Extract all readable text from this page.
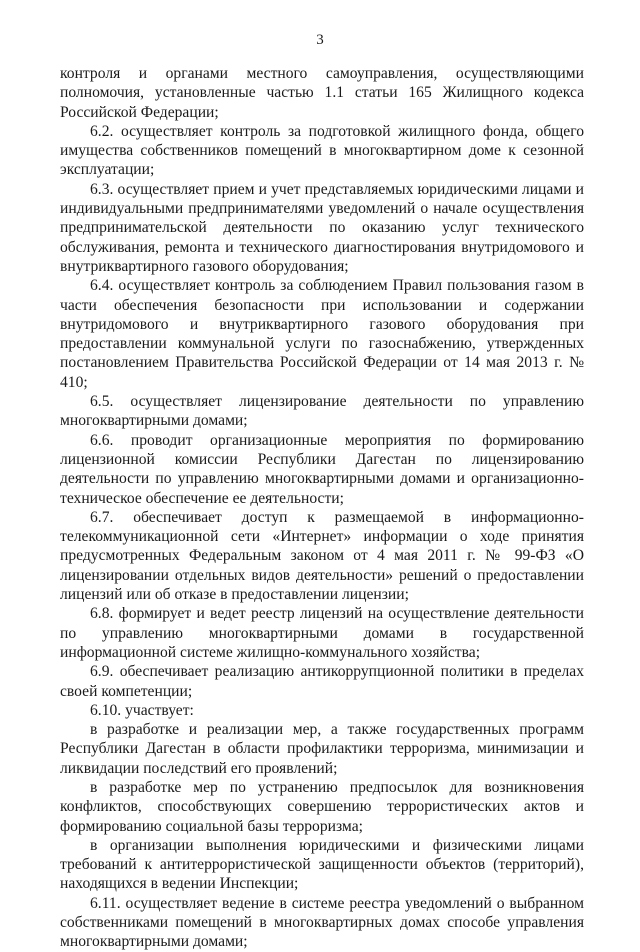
3

контроля и органами местного самоуправления, осуществляющими полномочия, установленные частью 1.1 статьи 165 Жилищного кодекса Российской Федерации;

6.2. осуществляет контроль за подготовкой жилищного фонда, общего имущества собственников помещений в многоквартирном доме к сезонной эксплуатации;

6.3. осуществляет прием и учет представляемых юридическими лицами и индивидуальными предпринимателями уведомлений о начале осуществления предпринимательской деятельности по оказанию услуг технического обслуживания, ремонта и технического диагностирования внутридомового и внутриквартирного газового оборудования;

6.4. осуществляет контроль за соблюдением Правил пользования газом в части обеспечения безопасности при использовании и содержании внутридомового и внутриквартирного газового оборудования при предоставлении коммунальной услуги по газоснабжению, утвержденных постановлением Правительства Российской Федерации от 14 мая 2013 г. № 410;

6.5. осуществляет лицензирование деятельности по управлению многоквартирными домами;

6.6. проводит организационные мероприятия по формированию лицензионной комиссии Республики Дагестан по лицензированию деятельности по управлению многоквартирными домами и организационно-техническое обеспечение ее деятельности;

6.7. обеспечивает доступ к размещаемой в информационно-телекоммуникационной сети «Интернет» информации о ходе принятия предусмотренных Федеральным законом от 4 мая 2011 г. № 99-ФЗ «О лицензировании отдельных видов деятельности» решений о предоставлении лицензий или об отказе в предоставлении лицензии;

6.8. формирует и ведет реестр лицензий на осуществление деятельности по управлению многоквартирными домами в государственной информационной системе жилищно-коммунального хозяйства;

6.9. обеспечивает реализацию антикоррупционной политики в пределах своей компетенции;

6.10. участвует:

в разработке и реализации мер, а также государственных программ Республики Дагестан в области профилактики терроризма, минимизации и ликвидации последствий его проявлений;

в разработке мер по устранению предпосылок для возникновения конфликтов, способствующих совершению террористических актов и формированию социальной базы терроризма;

в организации выполнения юридическими и физическими лицами требований к антитеррористической защищенности объектов (территорий), находящихся в ведении Инспекции;

6.11. осуществляет ведение в системе реестра уведомлений о выбранном собственниками помещений в многоквартирных домах способе управления многоквартирными домами;
